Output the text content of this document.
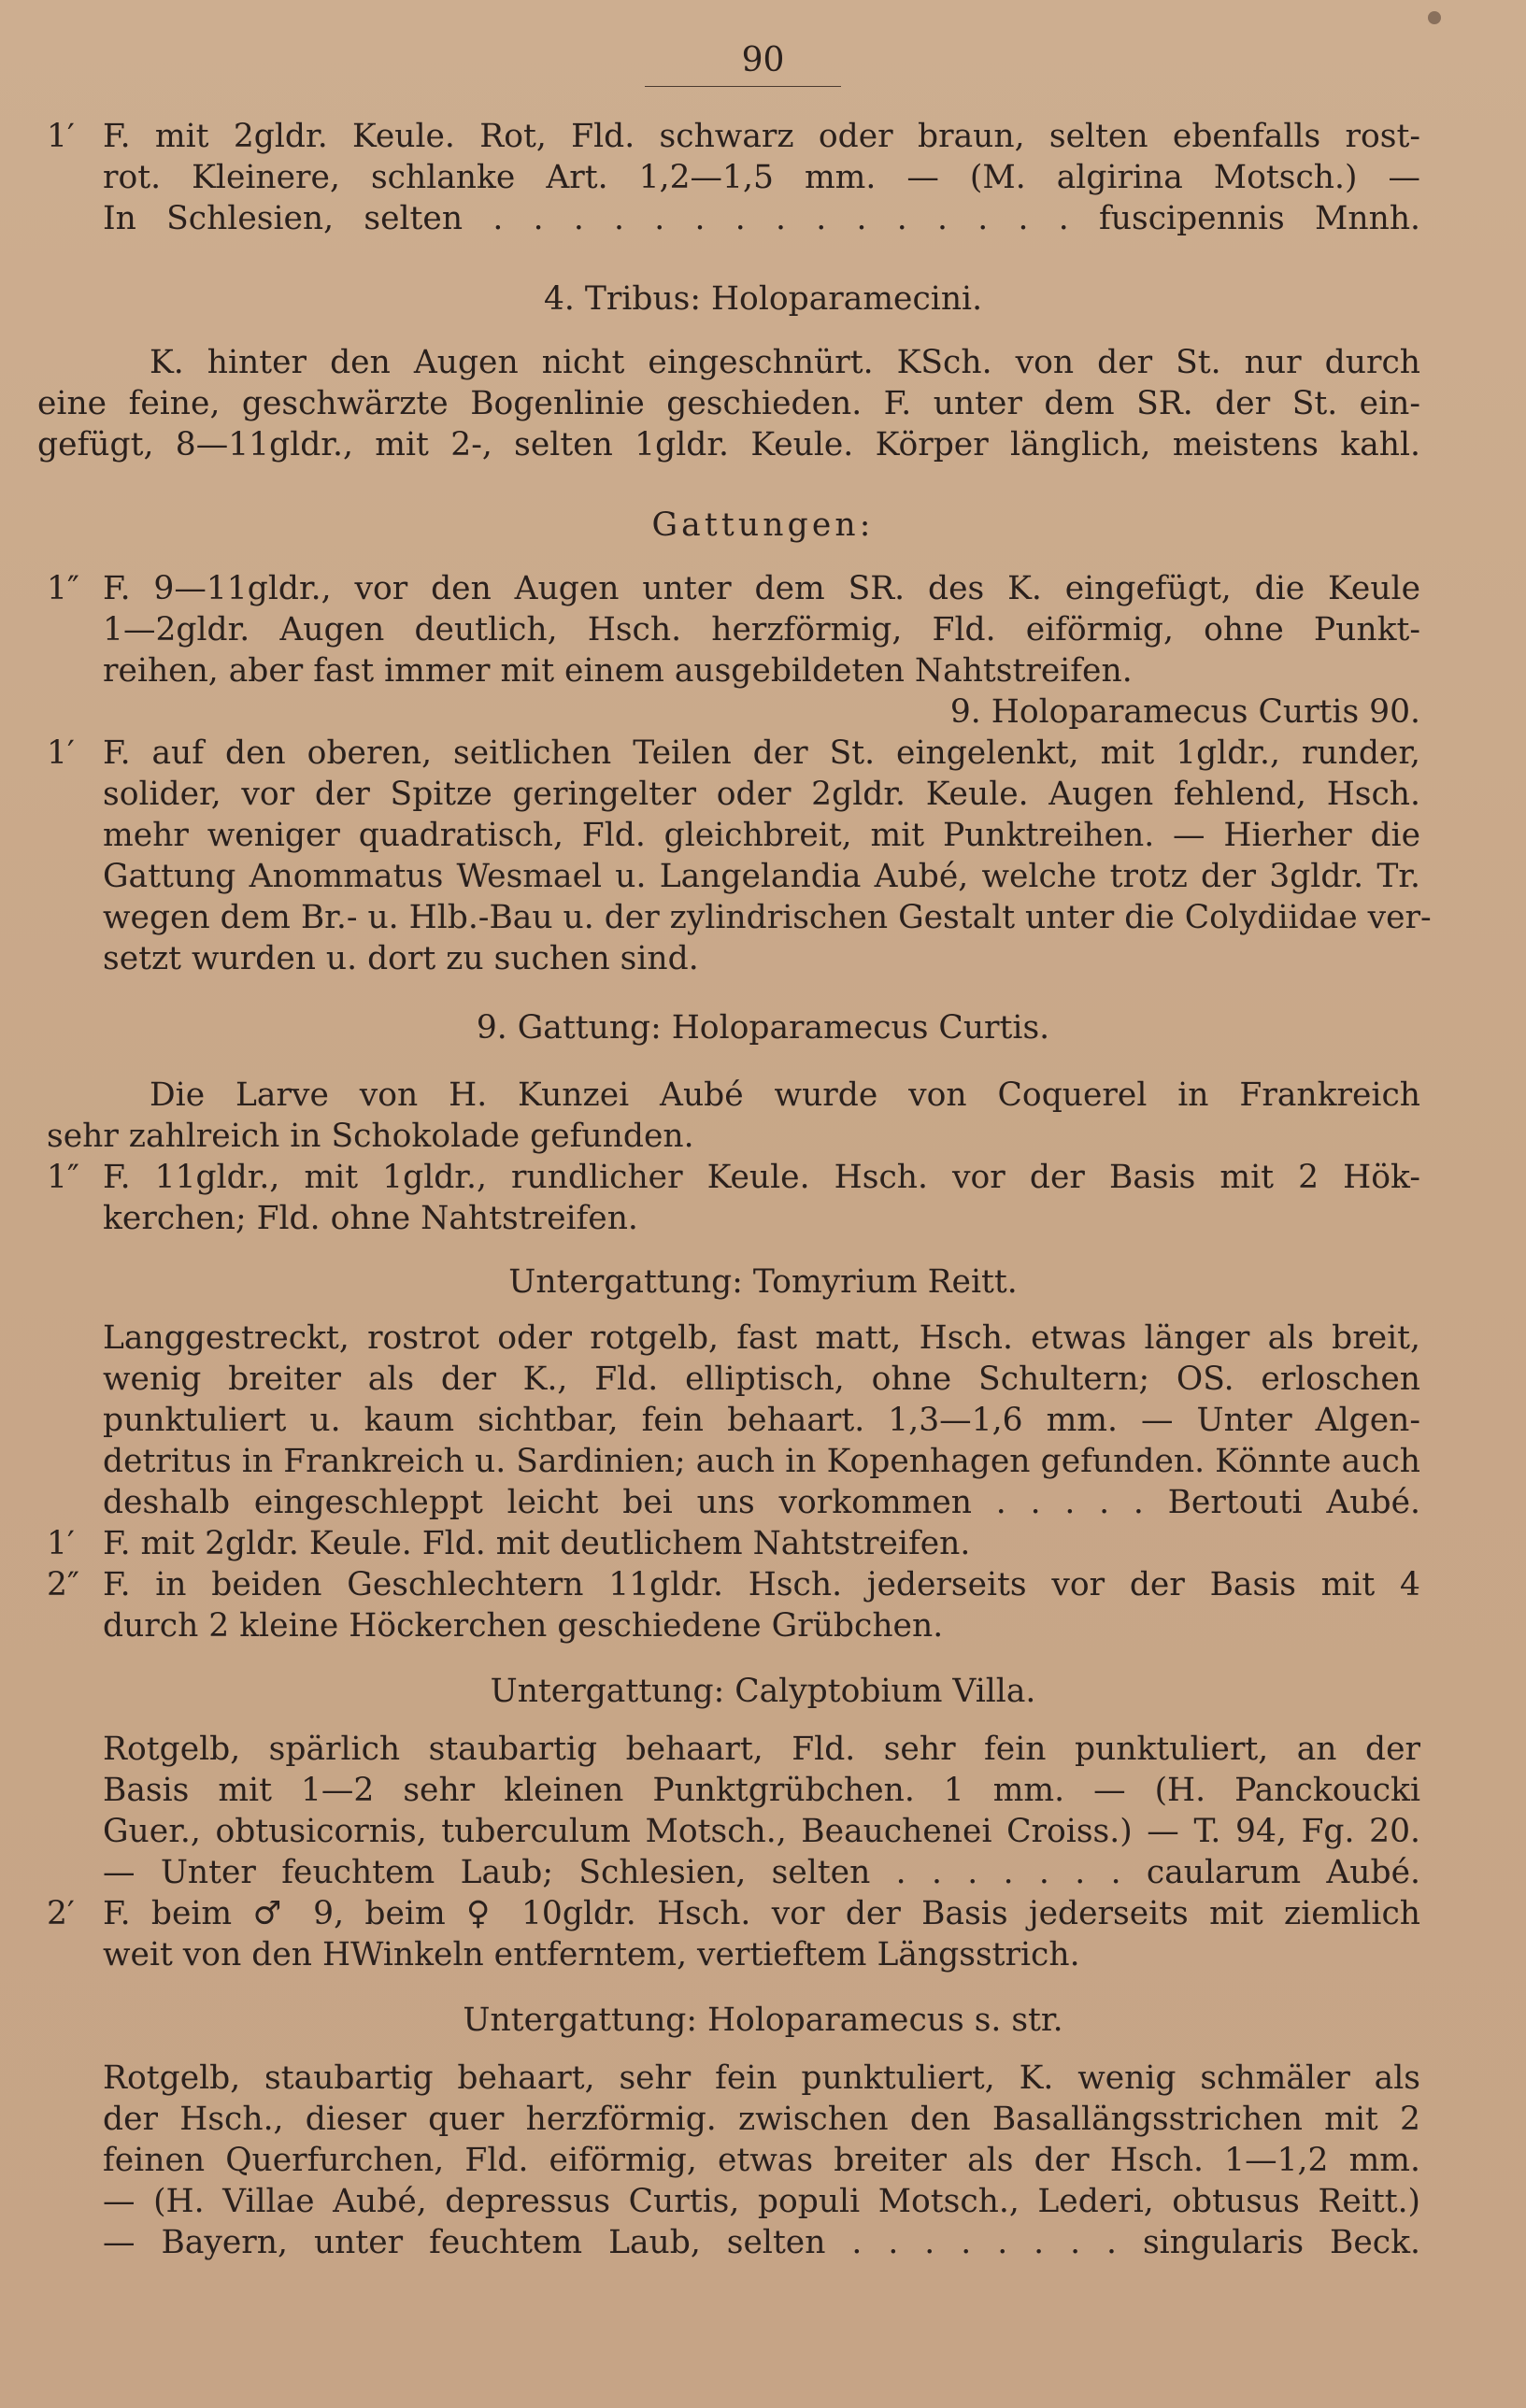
90
1′ F. mit 2gldr. Keule. Rot, Fld. schwarz oder braun, selten ebenfalls rost-
rot. Kleinere, schlanke Art. 1,2—1,5 mm. — (M. algirina Motsch.) —
In Schlesien, selten . . . . . . . . . . . . . . . fuscipennis Mnnh.
4. Tribus: Holoparamecini.
K. hinter den Augen nicht eingeschnürt. KSch. von der St. nur durch
eine feine, geschwärzte Bogenlinie geschieden. F. unter dem SR. der St. ein-
gefügt, 8—11gldr., mit 2-, selten 1gldr. Keule. Körper länglich, meistens kahl.
Gattungen:
1″ F. 9—11gldr., vor den Augen unter dem SR. des K. eingefügt, die Keule
1—2gldr. Augen deutlich, Hsch. herzförmig, Fld. eiförmig, ohne Punkt-
reihen, aber fast immer mit einem ausgebildeten Nahtstreifen.
9. Holoparamecus Curtis 90.
1′ F. auf den oberen, seitlichen Teilen der St. eingelenkt, mit 1gldr., runder,
solider, vor der Spitze geringelter oder 2gldr. Keule. Augen fehlend, Hsch.
mehr weniger quadratisch, Fld. gleichbreit, mit Punktreihen. — Hierher die
Gattung Anommatus Wesmael u. Langelandia Aubé, welche trotz der 3gldr. Tr.
wegen dem Br.- u. Hlb.-Bau u. der zylindrischen Gestalt unter die Colydiidae ver-
setzt wurden u. dort zu suchen sind.
9. Gattung: Holoparamecus Curtis.
Die Larve von H. Kunzei Aubé wurde von Coquerel in Frankreich
sehr zahlreich in Schokolade gefunden.
1″ F. 11gldr., mit 1gldr., rundlicher Keule. Hsch. vor der Basis mit 2 Hök-
kerchen; Fld. ohne Nahtstreifen.
Untergattung: Tomyrium Reitt.
Langgestreckt, rostrot oder rotgelb, fast matt, Hsch. etwas länger als breit,
wenig breiter als der K., Fld. elliptisch, ohne Schultern; OS. erloschen
punktuliert u. kaum sichtbar, fein behaart. 1,3—1,6 mm. — Unter Algen-
detritus in Frankreich u. Sardinien; auch in Kopenhagen gefunden. Könnte auch
deshalb eingeschleppt leicht bei uns vorkommen . . . . . Bertouti Aubé.
1′ F. mit 2gldr. Keule. Fld. mit deutlichem Nahtstreifen.
2″ F. in beiden Geschlechtern 11gldr. Hsch. jederseits vor der Basis mit 4
durch 2 kleine Höckerchen geschiedene Grübchen.
Untergattung: Calyptobium Villa.
Rotgelb, spärlich staubartig behaart, Fld. sehr fein punktuliert, an der
Basis mit 1—2 sehr kleinen Punktgrübchen. 1 mm. — (H. Panckoucki
Guer., obtusicornis, tuberculum Motsch., Beauchenei Croiss.) — T. 94, Fg. 20.
— Unter feuchtem Laub; Schlesien, selten . . . . . . . caularum Aubé.
2′ F. beim ♂ 9, beim ♀ 10gldr. Hsch. vor der Basis jederseits mit ziemlich
weit von den HWinkeln entferntem, vertieftem Längsstrich.
Untergattung: Holoparamecus s. str.
Rotgelb, staubartig behaart, sehr fein punktuliert, K. wenig schmäler als
der Hsch., dieser quer herzförmig. zwischen den Basallängsstrichen mit 2
feinen Querfurchen, Fld. eiförmig, etwas breiter als der Hsch. 1—1,2 mm.
— (H. Villae Aubé, depressus Curtis, populi Motsch., Lederi, obtusus Reitt.)
— Bayern, unter feuchtem Laub, selten . . . . . . . . singularis Beck.
